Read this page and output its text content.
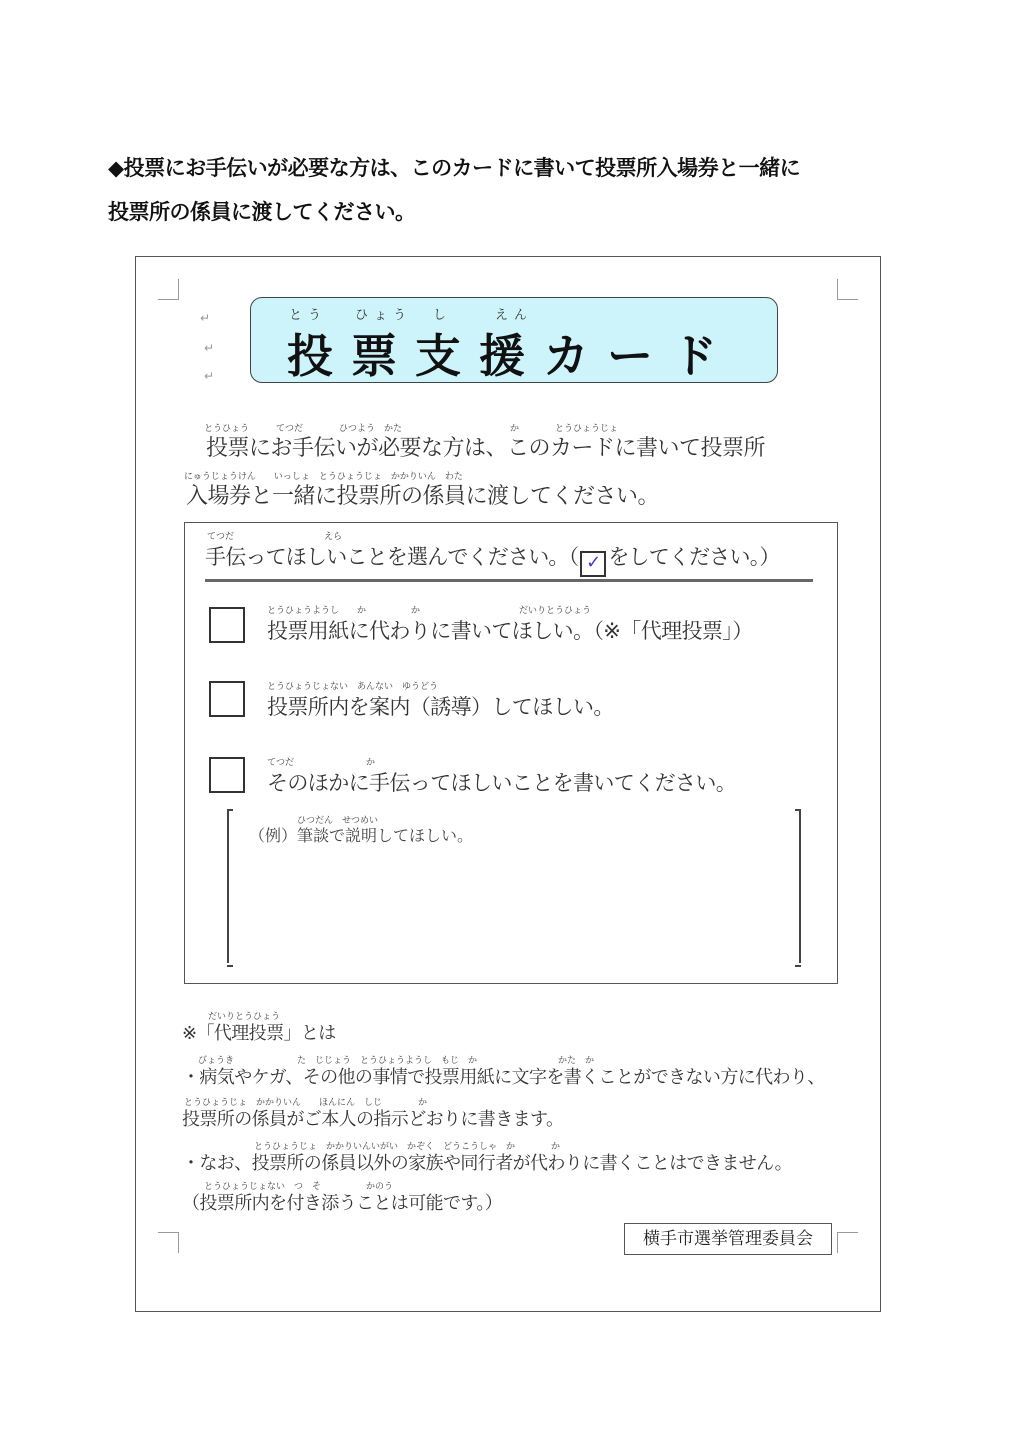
◆投票にお手伝いが必要な方は、このカードに書いて投票所入場券と一緒に
投票所の係員に渡してください。
↵
↵
↵
とう ひょう し	えん
投票支援カード
とうひょう　　　てつだ　　　　ひつよう　かた　　　　　　　　　　　　か　　　　とうひょうじょ
投票にお手伝いが必要な方は、このカードに書いて投票所
にゅうじょうけん　　いっしょ　とうひょうじょ　かかりいん　わた
入場券と一緒に投票所の係員に渡してください。
てつだ　　　　　　　　　　えら
手伝ってほしいことを選んでください。（ ✓ をしてください。）
とうひょうようし　　か　　　　　か　　　　　　　　　　　だいりとうひょう
投票用紙に代わりに書いてほしい。（※「代理投票」）
とうひょうじょない　あんない　ゆうどう
投票所内を案内（誘導）してほしい。
てつだ　　　　　　　　か
そのほかに手伝ってほしいことを書いてください。
ひつだん　せつめい
（例）筆談で説明してほしい。
だいりとうひょう
※「代理投票」とは
びょうき　　　　　　　た　じじょう　とうひょうようし　もじ　か　　　　　　　　　かた　か
・病気やケガ、その他の事情で投票用紙に文字を書くことができない方に代わり、
とうひょうじょ　かかりいん　　ほんにん　しじ　　　　か
投票所の係員がご本人の指示どおりに書きます。
とうひょうじょ　かかりいんいがい　かぞく　どうこうしゃ　か　　　　か
・なお、投票所の係員以外の家族や同行者が代わりに書くことはできません。
とうひょうじょない　つ　そ　　　　　かのう
（投票所内を付き添うことは可能です。）
横手市選挙管理委員会
